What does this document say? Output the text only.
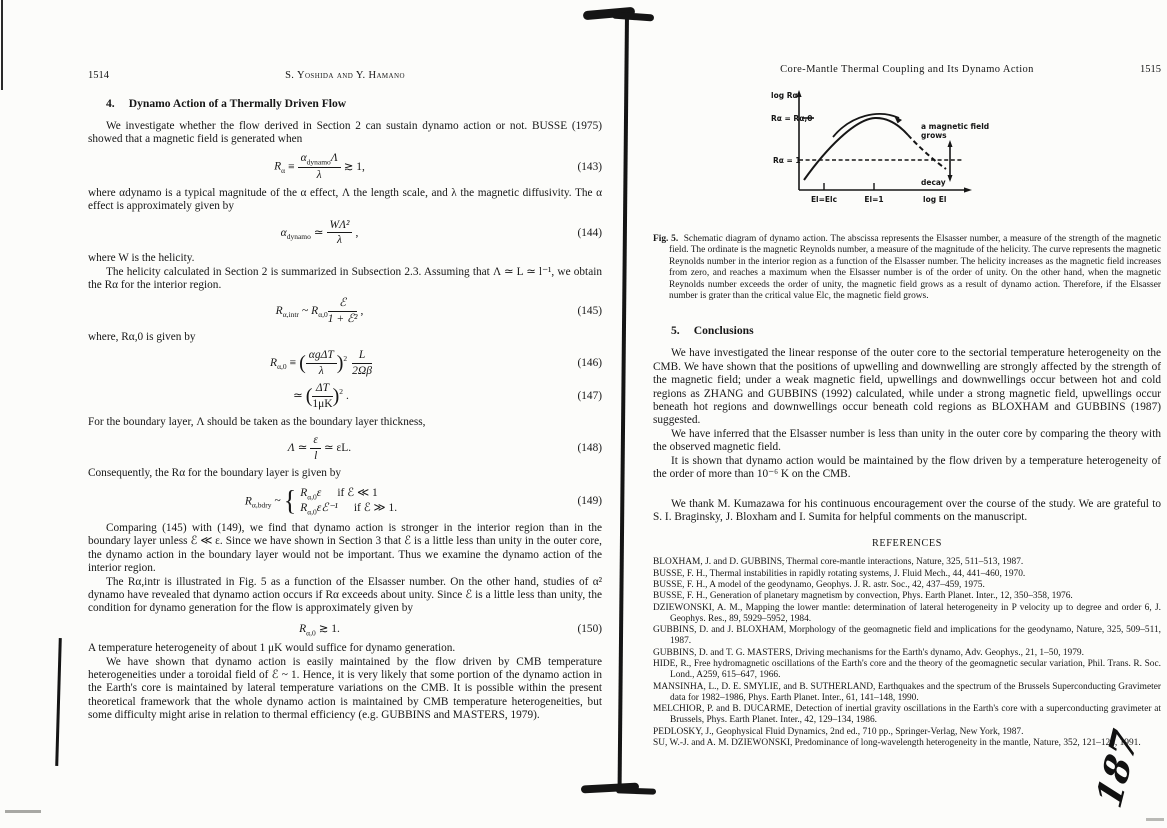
1514	S. Yoshida and Y. Hamano
4. Dynamo Action of a Thermally Driven Flow

We investigate whether the flow derived in Section 2 can sustain dynamo action or not. BUSSE (1975) showed that a magnetic field is generated when

$R_\alpha \equiv \frac{\alpha_{dynamo}\Lambda}{\lambda}$ ≳ 1,	(143)

where αdynamo is a typical magnitude of the α effect, Λ the length scale, and λ the magnetic diffusivity. The α effect is approximately given by

$\alpha_{dynamo}$ ≃ $\frac{\text{WΛ²}}{\lambda}$ ,	(144)

where W is the helicity.

The helicity calculated in Section 2 is summarized in Subsection 2.3. Assuming that Λ ≃ L ≃ l⁻¹, we obtain the Rα for the interior region.

$R_{\alpha,intr}$ ~ $R_{\alpha,0} \frac{\text{ℰ}}{\text{1 + ℰ²}}$ ,	(145)

where, Rα,0 is given by

$R_{\alpha,0}$ ≡ ( $\frac{\text{αgΔT}}{\lambda} )^2 \frac{L}{2\Omega\beta}$	(146)
≃ ( $\frac{\Delta T}{1\mu K} )^2$ .	(147)

For the boundary layer, Λ should be taken as the boundary layer thickness,

Λ ≃ $\frac{\varepsilon}{l}$ ≃ εL.	(148)

Consequently, the Rα for the boundary layer is given by

$R_{\alpha,bdry}$ ~ { $R_{\alpha,0}\varepsilon$ if ℰ ≪ 1
$R_{\alpha,0}\varepsilon ℰ^{-1}$ if ℰ ≫ 1.
(149)

Comparing (145) with (149), we find that dynamo action is stronger in the interior region than in the boundary layer unless ℰ ≪ ε. Since we have shown in Section 3 that ℰ is a little less than unity in the outer core, the dynamo action in the boundary layer would not be important. Thus we examine the dynamo action of the interior region.

The Rα,intr is illustrated in Fig. 5 as a function of the Elsasser number. On the other hand, studies of α² dynamo have revealed that dynamo action occurs if Rα exceeds about unity. Since ℰ is a little less than unity, the condition for dynamo generation for the flow is approximately given by

$R_{\alpha,0}$ ≳ 1.	(150)

A temperature heterogeneity of about 1 μK would suffice for dynamo generation.

We have shown that dynamo action is easily maintained by the flow driven by CMB temperature heterogeneities under a toroidal field of ℰ ~ 1. Hence, it is very likely that some portion of the dynamo action in the Earth's core is maintained by lateral temperature variations on the CMB. It is possible within the present theoretical framework that the whole dynamo action is maintained by CMB temperature heterogeneities, but some difficulty might arise in relation to thermal efficiency (e.g. GUBBINS and MASTERS, 1979).

Core-Mantle Thermal Coupling and Its Dynamo Action	1515
log Rα
Rα = Rα,0
Rα = 1
El=Elc	El=1	log El
a magnetic field
grows
decay
Fig. 5. Schematic diagram of dynamo action. The abscissa represents the Elsasser number, a measure of the strength of the magnetic field. The ordinate is the magnetic Reynolds number, a measure of the magnitude of the helicity. The curve represents the magnetic Reynolds number in the interior region as a function of the Elsasser number. The helicity increases as the magnetic field increases from zero, and reaches a maximum when the Elsasser number is of the order of unity. On the other hand, when the magnetic Reynolds number exceeds the order of unity, the magnetic field grows as a result of dynamo action. Therefore, if the Elsasser number is grater than the critical value Elc, the magnetic field grows.
5. Conclusions

We have investigated the linear response of the outer core to the sectorial temperature heterogeneity on the CMB. We have shown that the positions of upwelling and downwelling are strongly affected by the strength of the magnetic field; under a weak magnetic field, upwellings and downwellings occur between hot and cold regions as ZHANG and GUBBINS (1992) calculated, while under a strong magnetic field, upwellings occur beneath hot regions and downwellings occur beneath cold regions as BLOXHAM and GUBBINS (1987) suggested.

We have inferred that the Elsasser number is less than unity in the outer core by comparing the theory with the observed magnetic field.

It is shown that dynamo action would be maintained by the flow driven by a temperature heterogeneity of the order of more than 10⁻⁶ K on the CMB.

We thank M. Kumazawa for his continuous encouragement over the course of the study. We are grateful to S. I. Braginsky, J. Bloxham and I. Sumita for helpful comments on the manuscript.

REFERENCES
BLOXHAM, J. and D. GUBBINS, Thermal core-mantle interactions, Nature, 325, 511–513, 1987.
BUSSE, F. H., Thermal instabilities in rapidly rotating systems, J. Fluid Mech., 44, 441–460, 1970.
BUSSE, F. H., A model of the geodynamo, Geophys. J. R. astr. Soc., 42, 437–459, 1975.
BUSSE, F. H., Generation of planetary magnetism by convection, Phys. Earth Planet. Inter., 12, 350–358, 1976.
DZIEWONSKI, A. M., Mapping the lower mantle: determination of lateral heterogeneity in P velocity up to degree and order 6, J. Geophys. Res., 89, 5929–5952, 1984.
GUBBINS, D. and J. BLOXHAM, Morphology of the geomagnetic field and implications for the geodynamo, Nature, 325, 509–511, 1987.
GUBBINS, D. and T. G. MASTERS, Driving mechanisms for the Earth's dynamo, Adv. Geophys., 21, 1–50, 1979.
HIDE, R., Free hydromagnetic oscillations of the Earth's core and the theory of the geomagnetic secular variation, Phil. Trans. R. Soc. Lond., A259, 615–647, 1966.
MANSINHA, L., D. E. SMYLIE, and B. SUTHERLAND, Earthquakes and the spectrum of the Brussels Superconducting Gravimeter data for 1982–1986, Phys. Earth Planet. Inter., 61, 141–148, 1990.
MELCHIOR, P. and B. DUCARME, Detection of inertial gravity oscillations in the Earth's core with a superconducting gravimeter at Brussels, Phys. Earth Planet. Inter., 42, 129–134, 1986.
PEDLOSKY, J., Geophysical Fluid Dynamics, 2nd ed., 710 pp., Springer-Verlag, New York, 1987.
SU, W.-J. and A. M. DZIEWONSKI, Predominance of long-wavelength heterogeneity in the mantle, Nature, 352, 121–126, 1991.
187
